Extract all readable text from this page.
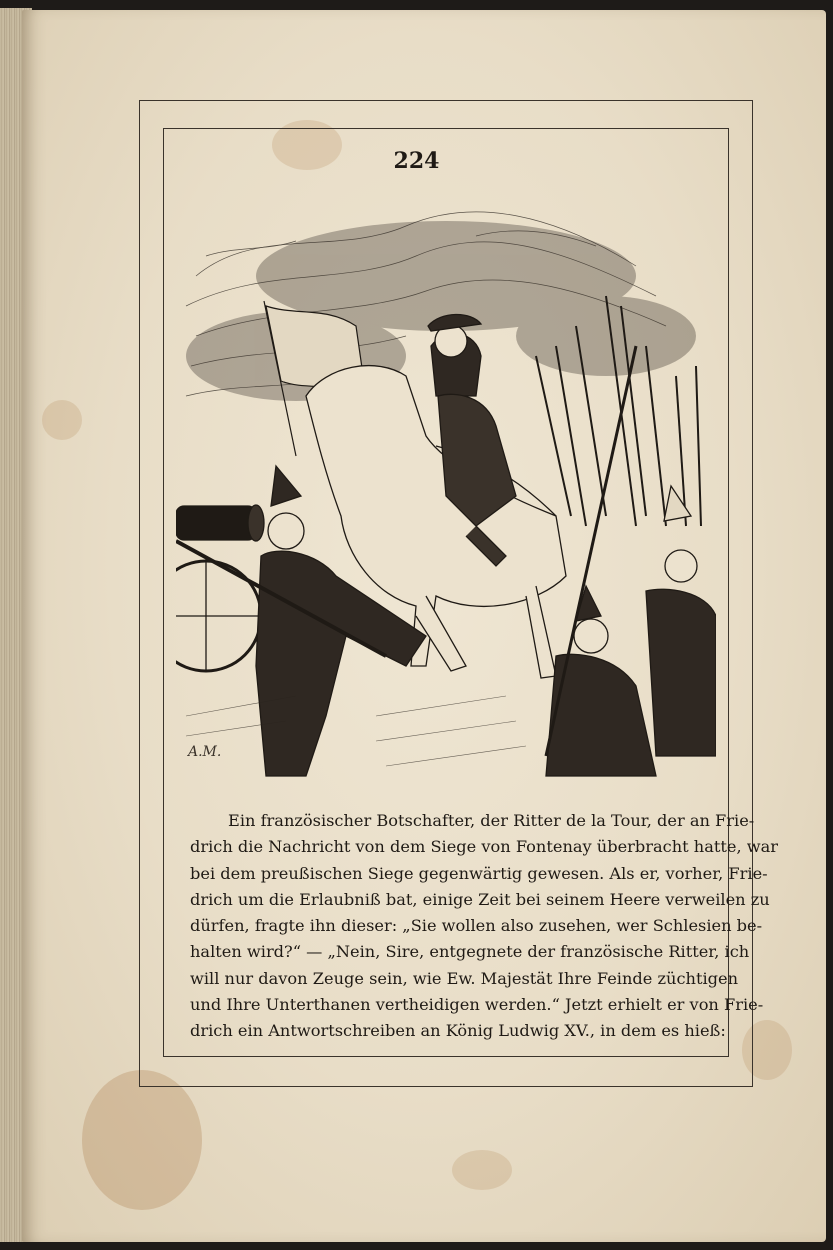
224
A.M.
Ein französischer Botschafter, der Ritter de la Tour, der an Frie-
drich die Nachricht von dem Siege von Fontenay überbracht hatte, war
bei dem preußischen Siege gegenwärtig gewesen. Als er, vorher, Frie-
drich um die Erlaubniß bat, einige Zeit bei seinem Heere verweilen zu
dürfen, fragte ihn dieser: „Sie wollen also zusehen, wer Schlesien be-
halten wird?“ — „Nein, Sire, entgegnete der französische Ritter, ich
will nur davon Zeuge sein, wie Ew. Majestät Ihre Feinde züchtigen
und Ihre Unterthanen vertheidigen werden.“ Jetzt erhielt er von Frie-
drich ein Antwortschreiben an König Ludwig XV., in dem es hieß:
